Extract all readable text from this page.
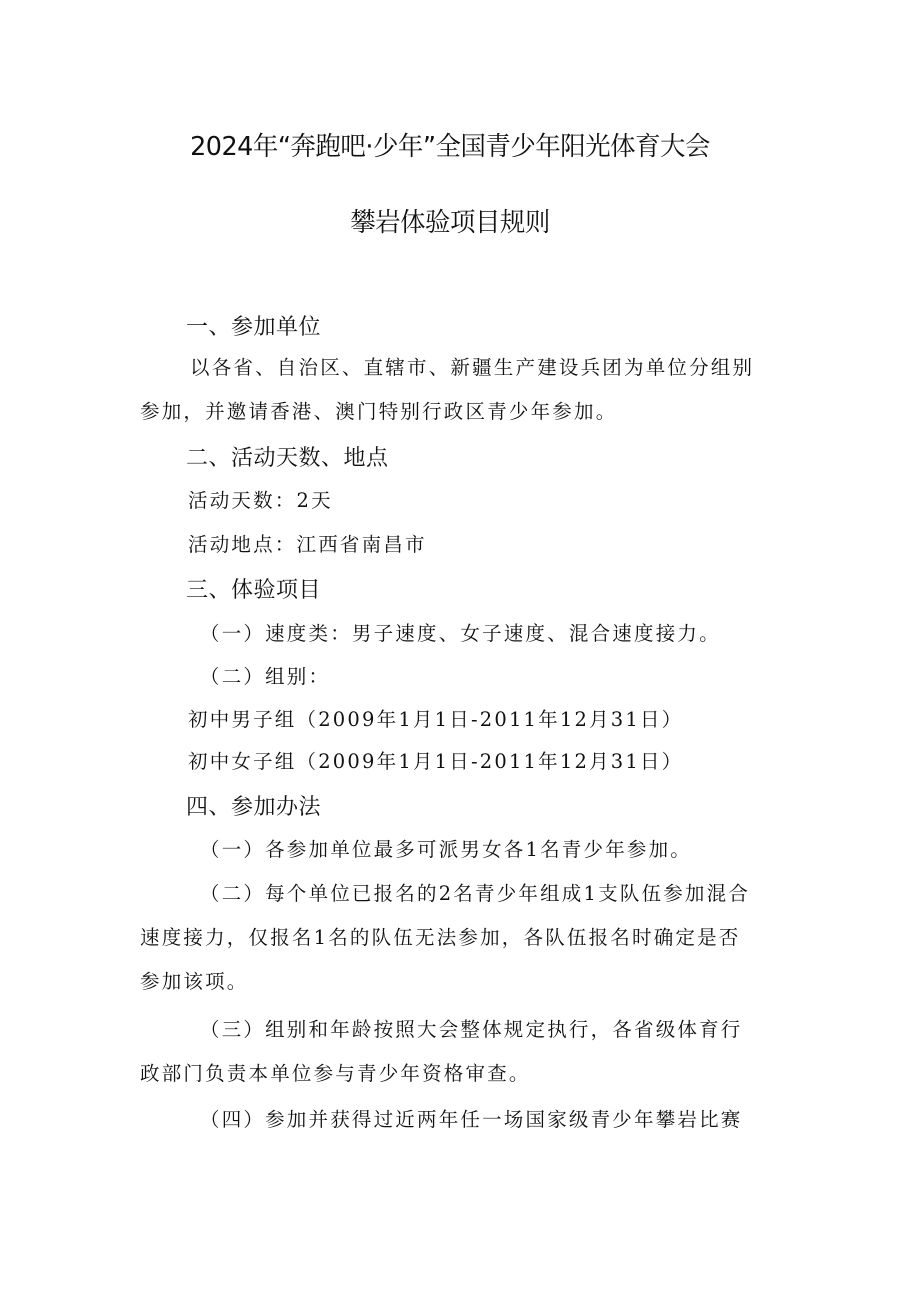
2024年“奔跑吧·少年”全国青少年阳光体育大会
攀岩体验项目规则
一、参加单位
以各省、自治区、直辖市、新疆生产建设兵团为单位分组别
参加，并邀请香港、澳门特别行政区青少年参加。
二、活动天数、地点
活动天数：2天
活动地点：江西省南昌市
三、体验项目
（一）速度类：男子速度、女子速度、混合速度接力。
（二）组别：
初中男子组（2009年1月1日-2011年12月31日）
初中女子组（2009年1月1日-2011年12月31日）
四、参加办法
（一）各参加单位最多可派男女各1名青少年参加。
（二）每个单位已报名的2名青少年组成1支队伍参加混合
速度接力，仅报名1名的队伍无法参加，各队伍报名时确定是否
参加该项。
（三）组别和年龄按照大会整体规定执行，各省级体育行
政部门负责本单位参与青少年资格审查。
（四）参加并获得过近两年任一场国家级青少年攀岩比赛
